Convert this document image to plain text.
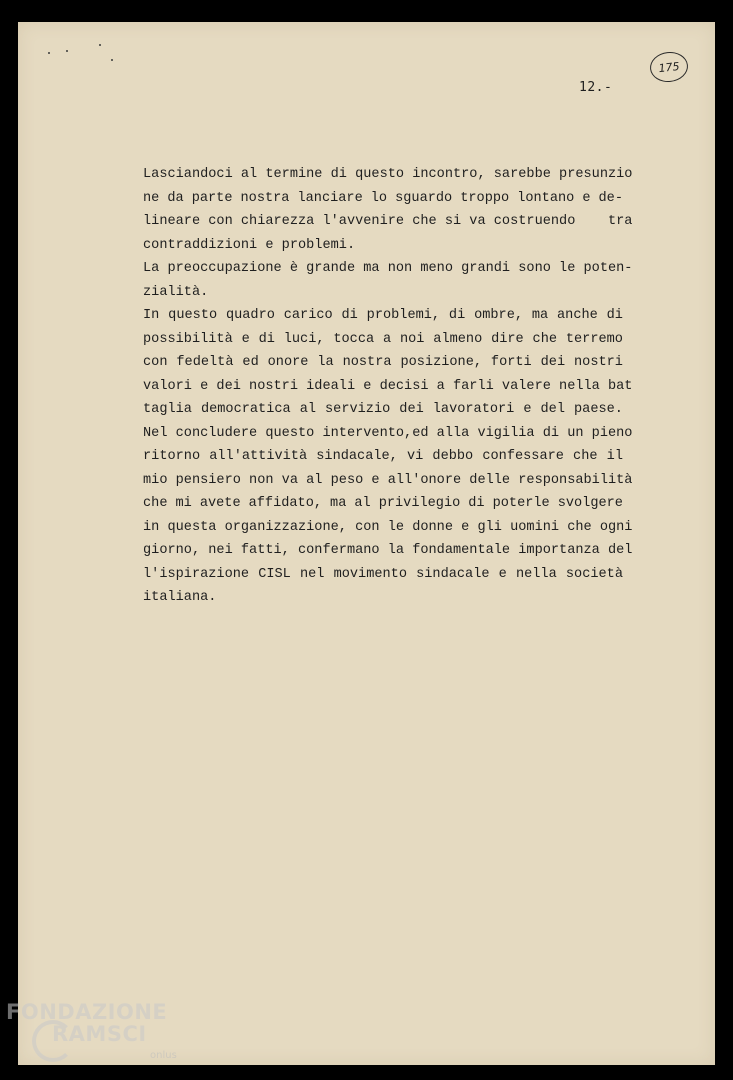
175
12.-
Lasciandoci al termine di questo incontro, sarebbe presunzio
ne da parte nostra lanciare lo sguardo troppo lontano e de-
lineare con chiarezza l'avvenire che si va costruendo    tra
contraddizioni e problemi.
La preoccupazione è grande ma non meno grandi sono le poten-
zialità.
In questo quadro carico di problemi, di ombre, ma anche di
possibilità e di luci, tocca a noi almeno dire che terremo
con fedeltà ed onore la nostra posizione, forti dei nostri
valori e dei nostri ideali e decisi a farli valere nella bat
taglia democratica al servizio dei lavoratori e del paese.
Nel concludere questo intervento,ed alla vigilia di un pieno
ritorno all'attività sindacale, vi debbo confessare che il
mio pensiero non va al peso e all'onore delle responsabilità
che mi avete affidato, ma al privilegio di poterle svolgere
in questa organizzazione, con le donne e gli uomini che ogni
giorno, nei fatti, confermano la fondamentale importanza del
l'ispirazione CISL nel movimento sindacale e nella società
italiana.
FONDAZIONE
RAMSCI
onlus
